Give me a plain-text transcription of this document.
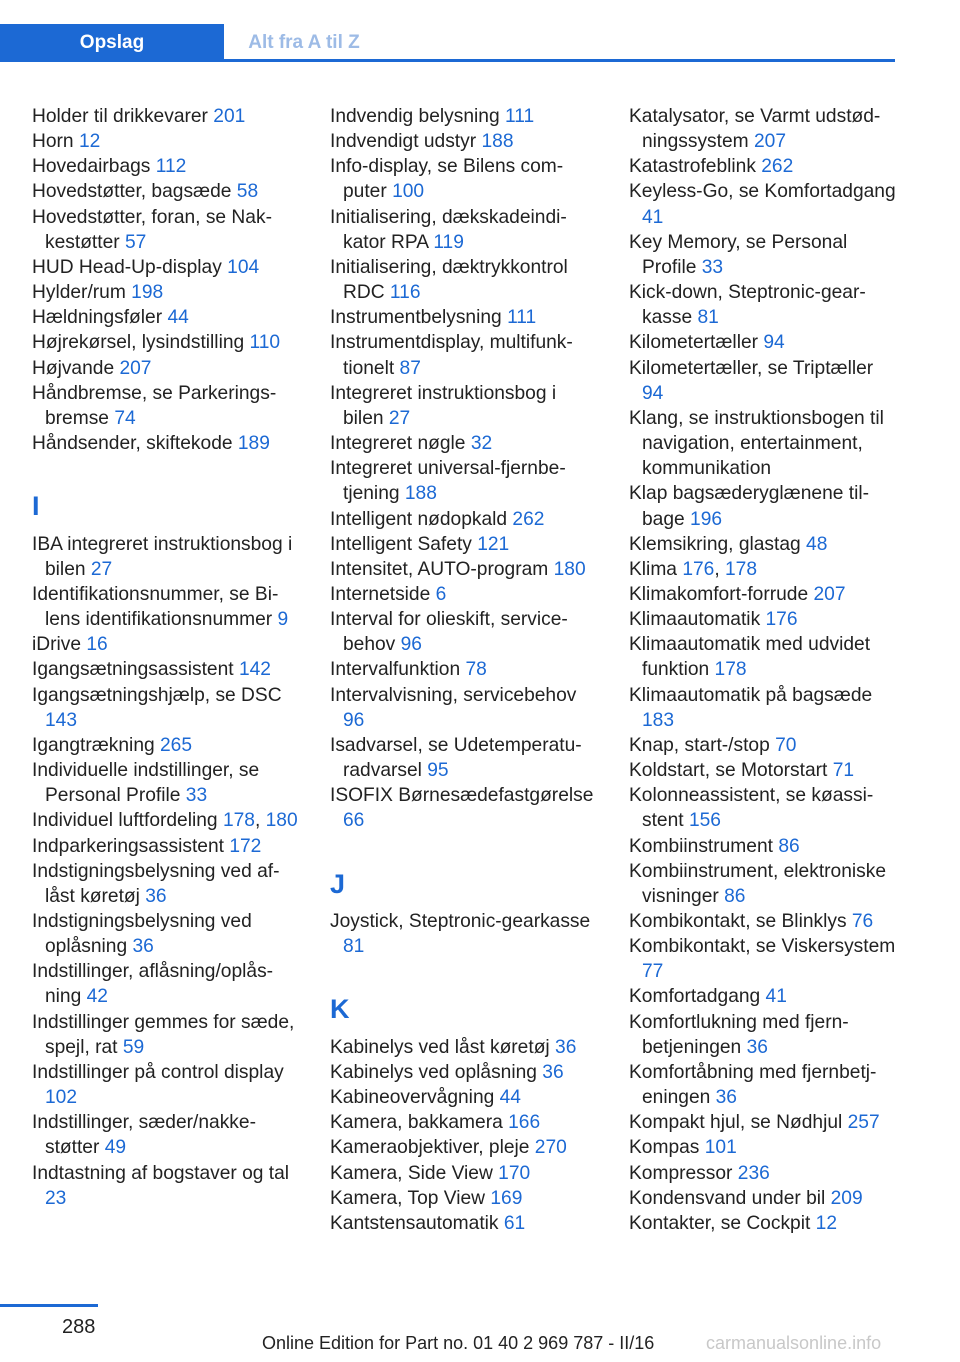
Opslag	Alt fra A til Z
Holder til drikkevarer 201
Horn 12
Hovedairbags 112
Hovedstøtter, bagsæde 58
Hovedstøtter, foran, se Nakkestøtter 57
HUD Head-Up-display 104
Hylder/rum 198
Hældningsføler 44
Højrekørsel, lysindstilling 110
Højvande 207
Håndbremse, se Parkeringsbremse 74
Håndsender, skiftekode 189
I
IBA integreret instruktionsbog i bilen 27
Identifikationsnummer, se Bilens identifikationsnummer 9
iDrive 16
Igangsætningsassistent 142
Igangsætningshjælp, se DSC 143
Igangtrækning 265
Individuelle indstillinger, se Personal Profile 33
Individuel luftfordeling 178, 180
Indparkeringsassistent 172
Indstigningsbelysning ved aflåst køretøj 36
Indstigningsbelysning ved oplåsning 36
Indstillinger, aflåsning/oplåsning 42
Indstillinger gemmes for sæde, spejl, rat 59
Indstillinger på control display 102
Indstillinger, sæder/nakkestøtter 49
Indtastning af bogstaver og tal 23
Indvendig belysning 111
Indvendigt udstyr 188
Info-display, se Bilens computer 100
Initialisering, dækskadeindikator RPA 119
Initialisering, dæktrykkontrol RDC 116
Instrumentbelysning 111
Instrumentdisplay, multifunktionelt 87
Integreret instruktionsbog i bilen 27
Integreret nøgle 32
Integreret universal-fjernbetjening 188
Intelligent nødopkald 262
Intelligent Safety 121
Intensitet, AUTO-program 180
Internetside 6
Interval for olieskift, servicebehov 96
Intervalfunktion 78
Intervalvisning, servicebehov 96
Isadvarsel, se Udetemperaturadvarsel 95
ISOFIX Børnesædefastgørelse 66
J
Joystick, Steptronic-gearkasse 81
K
Kabinelys ved låst køretøj 36
Kabinelys ved oplåsning 36
Kabineovervågning 44
Kamera, bakkamera 166
Kameraobjektiver, pleje 270
Kamera, Side View 170
Kamera, Top View 169
Kantstensautomatik 61
Katalysator, se Varmt udstødningssystem 207
Katastrofeblink 262
Keyless-Go, se Komfortadgang 41
Key Memory, se Personal Profile 33
Kick-down, Steptronic-gearkasse 81
Kilometertæller 94
Kilometertæller, se Triptæller 94
Klang, se instruktionsbogen til navigation, entertainment, kommunikation
Klap bagsæderyglænene tilbage 196
Klemsikring, glastag 48
Klima 176, 178
Klimakomfort-forrude 207
Klimaautomatik 176
Klimaautomatik med udvidet funktion 178
Klimaautomatik på bagsæde 183
Knap, start-/stop 70
Koldstart, se Motorstart 71
Kolonneassistent, se køassistent 156
Kombiinstrument 86
Kombiinstrument, elektroniske visninger 86
Kombikontakt, se Blinklys 76
Kombikontakt, se Viskersystem 77
Komfortadgang 41
Komfortlukning med fjernbetjeningen 36
Komfortåbning med fjernbetjeningen 36
Kompakt hjul, se Nødhjul 257
Kompas 101
Kompressor 236
Kondensvand under bil 209
Kontakter, se Cockpit 12
288
Online Edition for Part no. 01 40 2 969 787 - II/16	carmanualsonline.info
